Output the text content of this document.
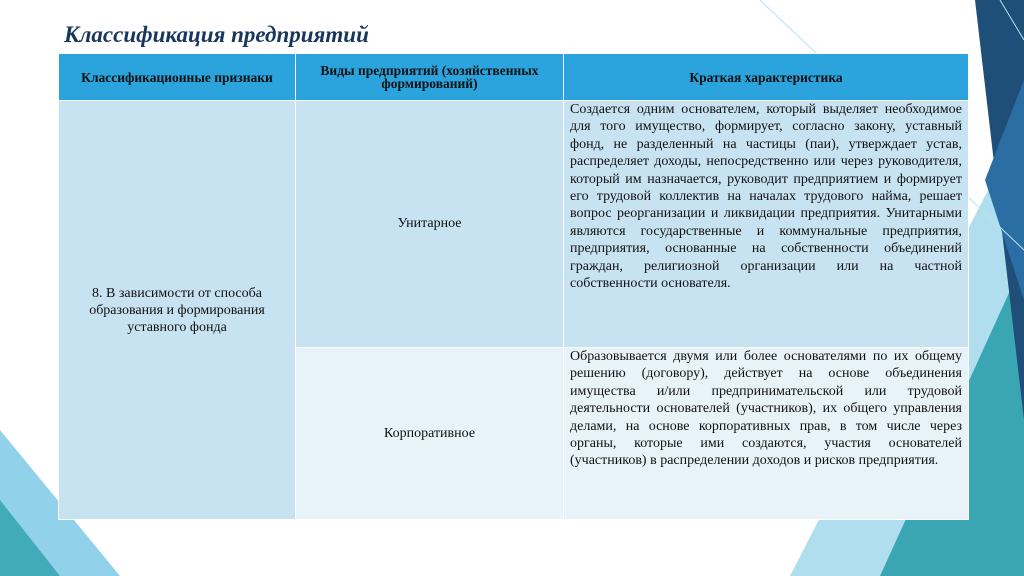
Классификация предприятий
Классификационные признаки	Виды предприятий (хозяйственных формирований)	Краткая характеристика

8. В зависимости от способа образования и формирования уставного фонда	Унитарное	Создается одним основателем, который выделяет необходимое для того имущество, формирует, согласно закону, уставный фонд, не разделенный на частицы (паи), утверждает устав, распределяет доходы, непосредственно или через руководителя, который им назначается, руководит предприятием и формирует его трудовой коллектив на началах трудового найма, решает вопрос реорганизации и ликвидации предприятия. Унитарными являются государственные и коммунальные предприятия, предприятия, основанные на собственности объединений граждан, религиозной организации или на частной собственности основателя.

	Корпоративное	Образовывается двумя или более основателями по их общему решению (договору), действует на основе объединения имущества и/или предпринимательской или трудовой деятельности основателей (участников), их общего управления делами, на основе корпоративных прав, в том числе через органы, которые ими создаются, участия основателей (участников) в распределении доходов и рисков предприятия.
